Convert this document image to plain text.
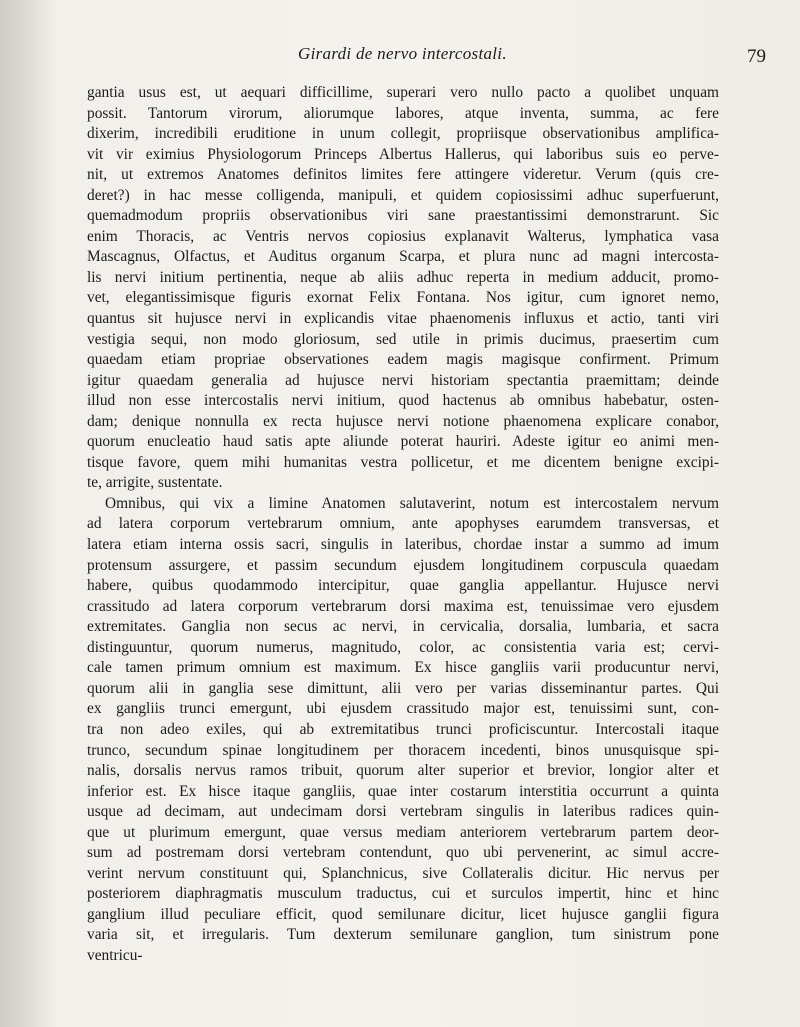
Girardi de nervo intercostali.	79
gantia usus est, ut aequari difficillime, superari vero nullo pacto a quolibet unquam
possit. Tantorum virorum, aliorumque labores, atque inventa, summa, ac fere
dixerim, incredibili eruditione in unum collegit, propriisque observationibus amplifica-
vit vir eximius Physiologorum Princeps Albertus Hallerus, qui laboribus suis eo perve-
nit, ut extremos Anatomes definitos limites fere attingere videretur. Verum (quis cre-
deret?) in hac messe colligenda, manipuli, et quidem copiosissimi adhuc superfuerunt,
quemadmodum propriis observationibus viri sane praestantissimi demonstrarunt. Sic
enim Thoracis, ac Ventris nervos copiosius explanavit Walterus, lymphatica vasa
Mascagnus, Olfactus, et Auditus organum Scarpa, et plura nunc ad magni intercosta-
lis nervi initium pertinentia, neque ab aliis adhuc reperta in medium adducit, promo-
vet, elegantissimisque figuris exornat Felix Fontana. Nos igitur, cum ignoret nemo,
quantus sit hujusce nervi in explicandis vitae phaenomenis influxus et actio, tanti viri
vestigia sequi, non modo gloriosum, sed utile in primis ducimus, praesertim cum
quaedam etiam propriae observationes eadem magis magisque confirment. Primum
igitur quaedam generalia ad hujusce nervi historiam spectantia praemittam; deinde
illud non esse intercostalis nervi initium, quod hactenus ab omnibus habebatur, osten-
dam; denique nonnulla ex recta hujusce nervi notione phaenomena explicare conabor,
quorum enucleatio haud satis apte aliunde poterat hauriri. Adeste igitur eo animi men-
tisque favore, quem mihi humanitas vestra pollicetur, et me dicentem benigne excipi-
te, arrigite, sustentate.
Omnibus, qui vix a limine Anatomen salutaverint, notum est intercostalem nervum
ad latera corporum vertebrarum omnium, ante apophyses earumdem transversas, et
latera etiam interna ossis sacri, singulis in lateribus, chordae instar a summo ad imum
protensum assurgere, et passim secundum ejusdem longitudinem corpuscula quaedam
habere, quibus quodammodo intercipitur, quae ganglia appellantur. Hujusce nervi
crassitudo ad latera corporum vertebrarum dorsi maxima est, tenuissimae vero ejusdem
extremitates. Ganglia non secus ac nervi, in cervicalia, dorsalia, lumbaria, et sacra
distinguuntur, quorum numerus, magnitudo, color, ac consistentia varia est; cervi-
cale tamen primum omnium est maximum. Ex hisce gangliis varii producuntur nervi,
quorum alii in ganglia sese dimittunt, alii vero per varias disseminantur partes. Qui
ex gangliis trunci emergunt, ubi ejusdem crassitudo major est, tenuissimi sunt, con-
tra non adeo exiles, qui ab extremitatibus trunci proficiscuntur. Intercostali itaque
trunco, secundum spinae longitudinem per thoracem incedenti, binos unusquisque spi-
nalis, dorsalis nervus ramos tribuit, quorum alter superior et brevior, longior alter et
inferior est. Ex hisce itaque gangliis, quae inter costarum interstitia occurrunt a quinta
usque ad decimam, aut undecimam dorsi vertebram singulis in lateribus radices quin-
que ut plurimum emergunt, quae versus mediam anteriorem vertebrarum partem deor-
sum ad postremam dorsi vertebram contendunt, quo ubi pervenerint, ac simul accre-
verint nervum constituunt qui, Splanchnicus, sive Collateralis dicitur. Hic nervus per
posteriorem diaphragmatis musculum traductus, cui et surculos impertit, hinc et hinc
ganglium illud peculiare efficit, quod semilunare dicitur, licet hujusce ganglii figura
varia sit, et irregularis. Tum dexterum semilunare ganglion, tum sinistrum pone
ventricu-
